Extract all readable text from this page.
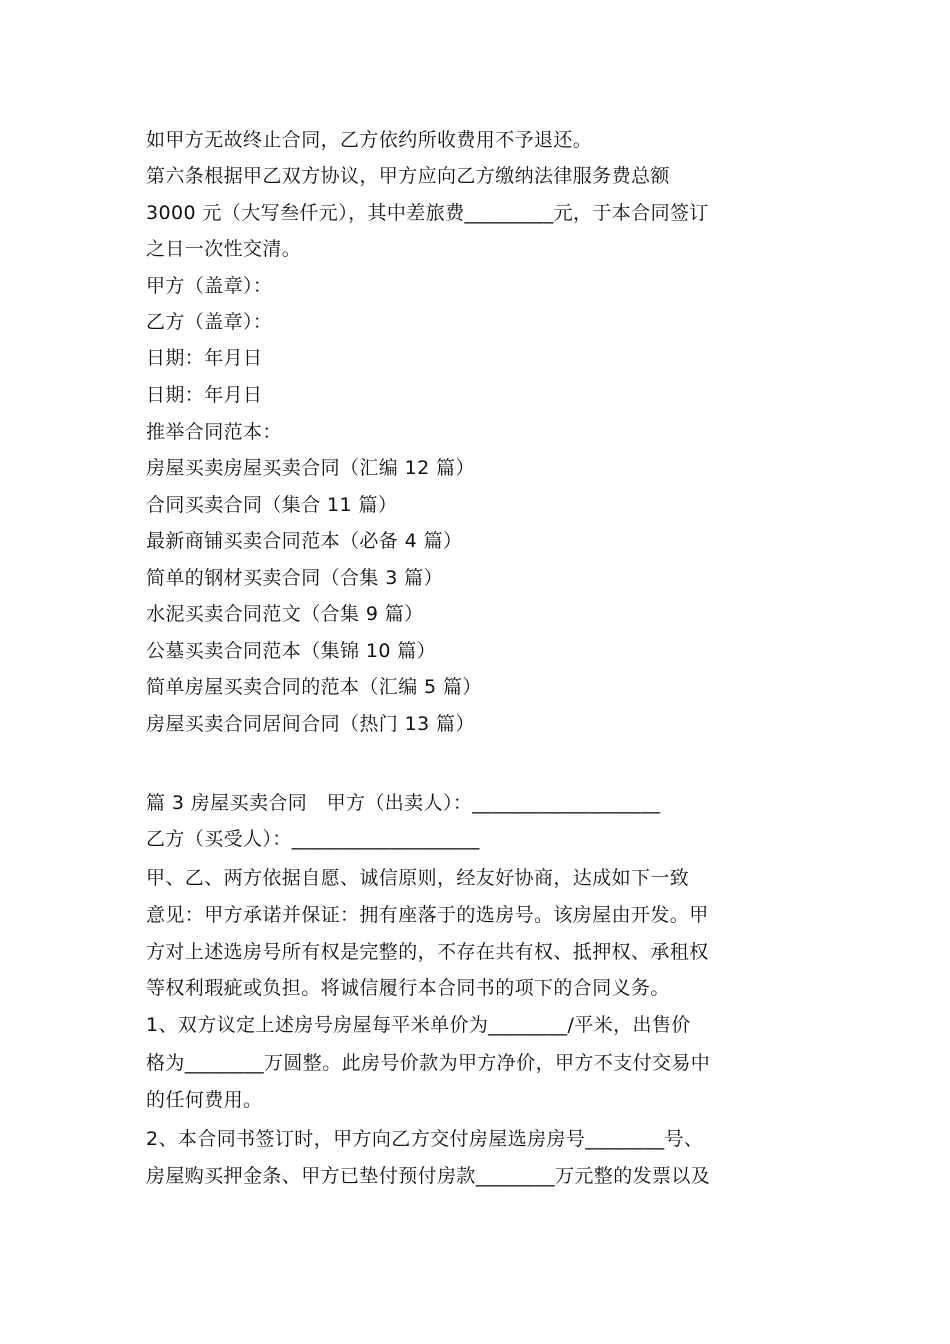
如甲方无故终止合同，乙方依约所收费用不予退还。
第六条根据甲乙双方协议，甲方应向乙方缴纳法律服务费总额
3000 元（大写叁仟元），其中差旅费_________元，于本合同签订
之日一次性交清。
甲方（盖章）：
乙方（盖章）：
日期：年月日
日期：年月日
推举合同范本：
房屋买卖房屋买卖合同（汇编 12 篇）
合同买卖合同（集合 11 篇）
最新商铺买卖合同范本（必备 4 篇）
简单的钢材买卖合同（合集 3 篇）
水泥买卖合同范文（合集 9 篇）
公墓买卖合同范本（集锦 10 篇）
简单房屋买卖合同的范本（汇编 5 篇）
房屋买卖合同居间合同（热门 13 篇）
篇 3 房屋买卖合同　甲方（出卖人）：___________________
乙方（买受人）：___________________
甲、乙、两方依据自愿、诚信原则，经友好协商，达成如下一致
意见：甲方承诺并保证：拥有座落于的选房号。该房屋由开发。甲
方对上述选房号所有权是完整的，不存在共有权、抵押权、承租权
等权利瑕疵或负担。将诚信履行本合同书的项下的合同义务。
1、双方议定上述房号房屋每平米单价为________/平米，出售价
格为________万圆整。此房号价款为甲方净价，甲方不支付交易中
的任何费用。
2、本合同书签订时，甲方向乙方交付房屋选房房号________号、
房屋购买押金条、甲方已垫付预付房款________万元整的发票以及
